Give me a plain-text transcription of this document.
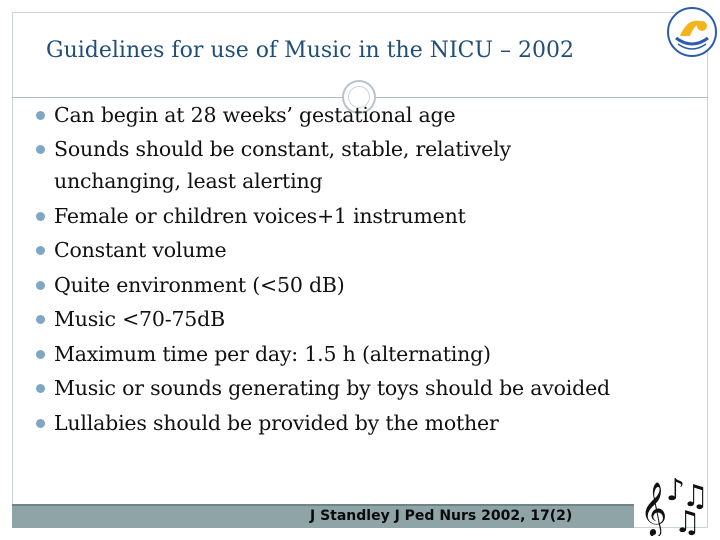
Guidelines for use of Music in the NICU – 2002
Can begin at 28 weeks’ gestational age
Sounds should be constant, stable, relatively unchanging, least alerting
Female or children voices+1 instrument
Constant volume
Quite environment (<50 dB)
Music <70-75dB
Maximum time per day: 1.5 h (alternating)
Music or sounds generating by toys should be avoided
Lullabies should be provided by the mother
J Standley J Ped Nurs 2002, 17(2) 𝄞
♪
♫
♫
